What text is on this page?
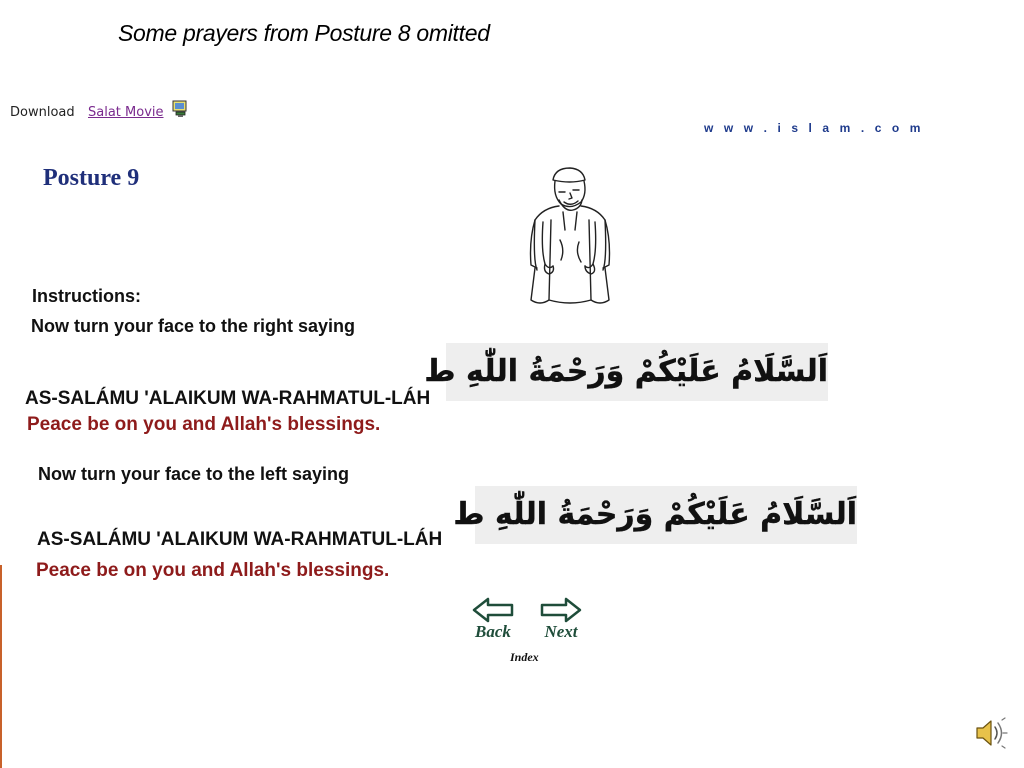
Some prayers from Posture 8 omitted
Download Salat Movie
w w w . i s l a m . c o m
Posture 9
Instructions:
Now turn your face to the right saying
اَلسَّلَامُ عَلَيْكُمْ وَرَحْمَةُ اللّٰهِ ط
AS-SALÁMU 'ALAIKUM WA-RAHMATUL-LÁH
Peace be on you and Allah's blessings.
Now turn your face to the left saying
اَلسَّلَامُ عَلَيْكُمْ وَرَحْمَةُ اللّٰهِ ط
AS-SALÁMU 'ALAIKUM WA-RAHMATUL-LÁH
Peace be on you and Allah's blessings.
Back	Next
Index
